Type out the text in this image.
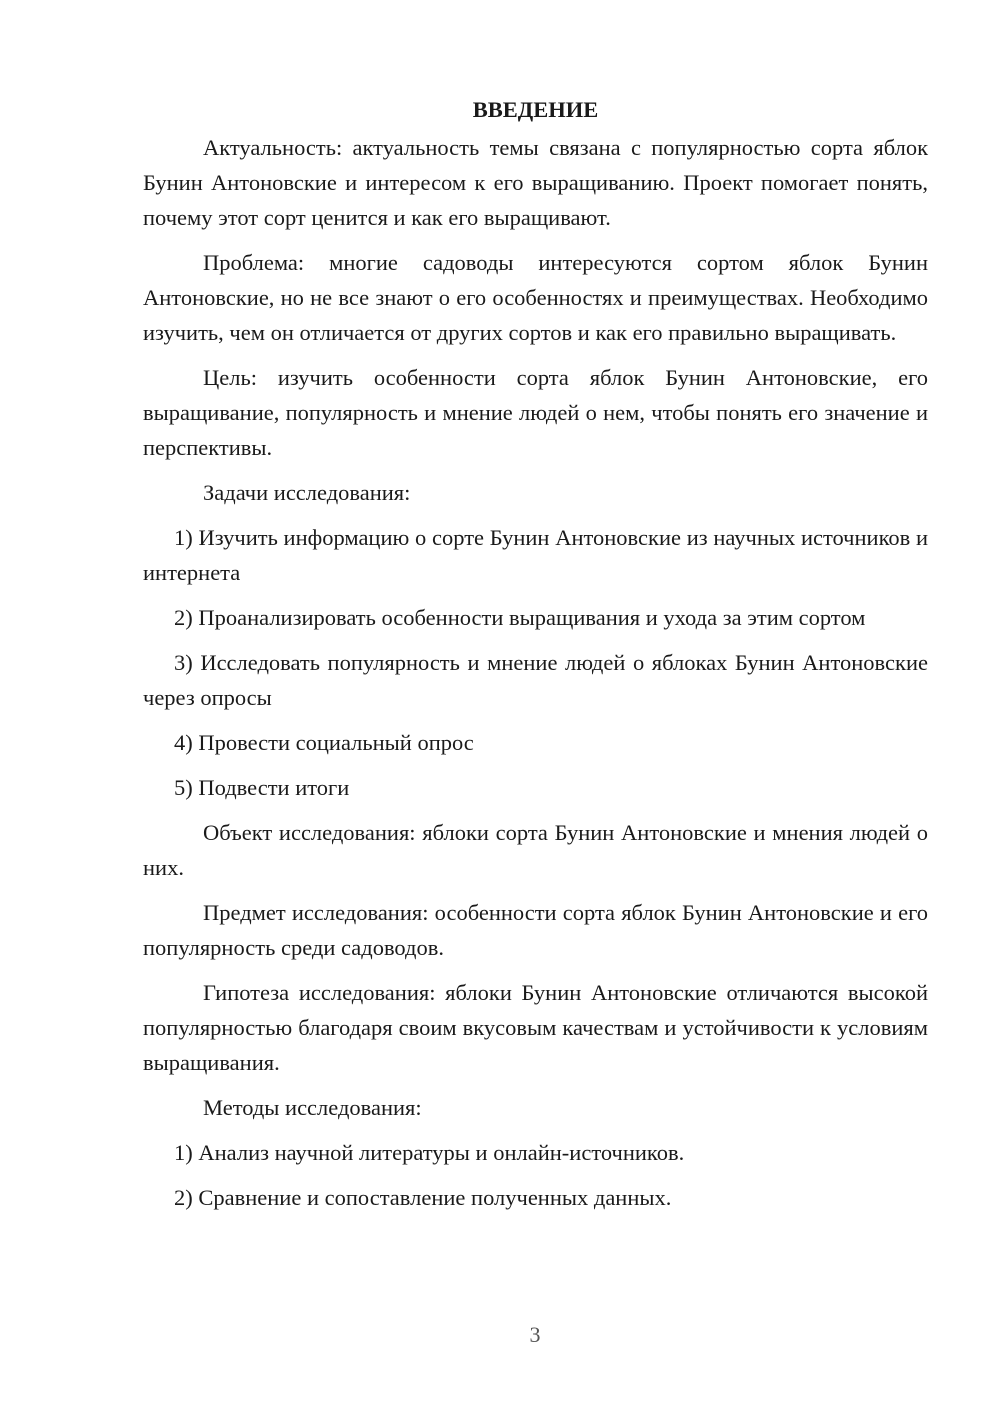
ВВЕДЕНИЕ

Актуальность: актуальность темы связана с популярностью сорта яблок Бунин Антоновские и интересом к его выращиванию. Проект помогает понять, почему этот сорт ценится и как его выращивают.

Проблема: многие садоводы интересуются сортом яблок Бунин Антоновские, но не все знают о его особенностях и преимуществах. Необходимо изучить, чем он отличается от других сортов и как его правильно выращивать.

Цель: изучить особенности сорта яблок Бунин Антоновские, его выращивание, популярность и мнение людей о нем, чтобы понять его значение и перспективы.

Задачи исследования:

1) Изучить информацию о сорте Бунин Антоновские из научных источников и интернета

2) Проанализировать особенности выращивания и ухода за этим сортом

3) Исследовать популярность и мнение людей о яблоках Бунин Антоновские через опросы

4) Провести социальный опрос

5) Подвести итоги

Объект исследования: яблоки сорта Бунин Антоновские и мнения людей о них.

Предмет исследования: особенности сорта яблок Бунин Антоновские и его популярность среди садоводов.

Гипотеза исследования: яблоки Бунин Антоновские отличаются высокой популярностью благодаря своим вкусовым качествам и устойчивости к условиям выращивания.

Методы исследования:

1) Анализ научной литературы и онлайн-источников.

2) Сравнение и сопоставление полученных данных.

3
